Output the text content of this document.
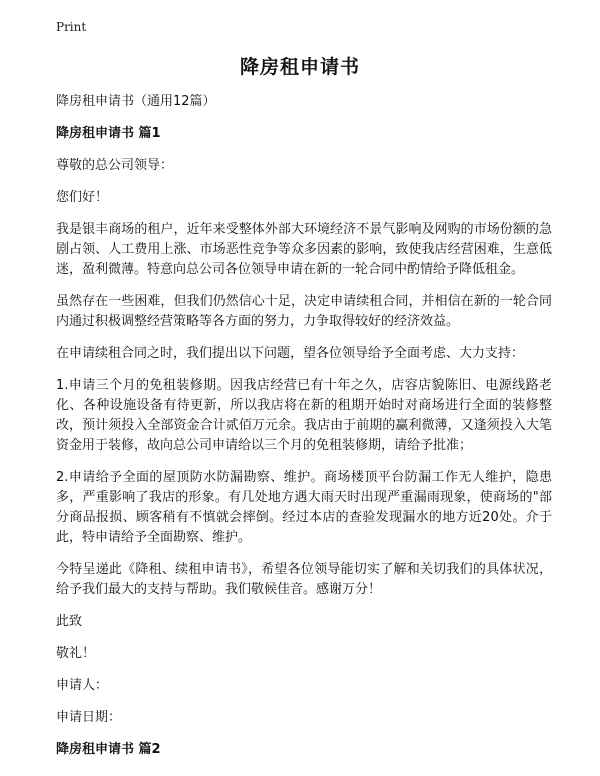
Print
降房租申请书

降房租申请书（通用12篇）

降房租申请书 篇1

尊敬的总公司领导：

您们好！

我是银丰商场的租户，近年来受整体外部大环境经济不景气影响及网购的市场份额的急剧占领、人工费用上涨、市场恶性竞争等众多因素的影响，致使我店经营困难，生意低迷，盈利微薄。特意向总公司各位领导申请在新的一轮合同中酌情给予降低租金。

虽然存在一些困难，但我们仍然信心十足，决定申请续租合同，并相信在新的一轮合同内通过积极调整经营策略等各方面的努力，力争取得较好的经济效益。

在申请续租合同之时，我们提出以下问题，望各位领导给予全面考虑、大力支持：

1.申请三个月的免租装修期。因我店经营已有十年之久，店容店貌陈旧、电源线路老化、各种设施设备有待更新，所以我店将在新的租期开始时对商场进行全面的装修整改，预计须投入全部资金合计贰佰万元余。我店由于前期的赢利微薄，又逢须投入大笔资金用于装修，故向总公司申请给以三个月的免租装修期，请给予批准；

2.申请给予全面的屋顶防水防漏勘察、维护。商场楼顶平台防漏工作无人维护，隐患多，严重影响了我店的形象。有几处地方遇大雨天时出现严重漏雨现象，使商场的"部分商品报损、顾客稍有不慎就会摔倒。经过本店的查验发现漏水的地方近20处。介于此，特申请给予全面勘察、维护。

今特呈递此《降租、续租申请书》，希望各位领导能切实了解和关切我们的具体状况，给予我们最大的支持与帮助。我们敬候佳音。感谢万分！

此致

敬礼！

申请人：

申请日期：

降房租申请书 篇2
